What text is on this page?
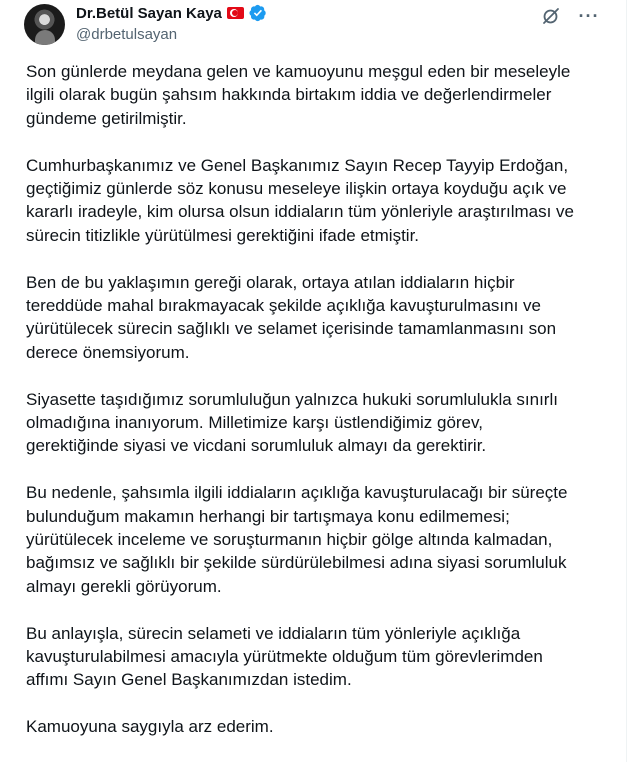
Dr.Betül Sayan Kaya
@drbetulsayan
···

Son günlerde meydana gelen ve kamuoyunu meşgul eden bir meseleyle
ilgili olarak bugün şahsım hakkında birtakım iddia ve değerlendirmeler
gündeme getirilmiştir.

Cumhurbaşkanımız ve Genel Başkanımız Sayın Recep Tayyip Erdoğan,
geçtiğimiz günlerde söz konusu meseleye ilişkin ortaya koyduğu açık ve
kararlı iradeyle, kim olursa olsun iddiaların tüm yönleriyle araştırılması ve
sürecin titizlikle yürütülmesi gerektiğini ifade etmiştir.

Ben de bu yaklaşımın gereği olarak, ortaya atılan iddiaların hiçbir
tereddüde mahal bırakmayacak şekilde açıklığa kavuşturulmasını ve
yürütülecek sürecin sağlıklı ve selamet içerisinde tamamlanmasını son
derece önemsiyorum.

Siyasette taşıdığımız sorumluluğun yalnızca hukuki sorumlulukla sınırlı
olmadığına inanıyorum. Milletimize karşı üstlendiğimiz görev,
gerektiğinde siyasi ve vicdani sorumluluk almayı da gerektirir.

Bu nedenle, şahsımla ilgili iddiaların açıklığa kavuşturulacağı bir süreçte
bulunduğum makamın herhangi bir tartışmaya konu edilmemesi;
yürütülecek inceleme ve soruşturmanın hiçbir gölge altında kalmadan,
bağımsız ve sağlıklı bir şekilde sürdürülebilmesi adına siyasi sorumluluk
almayı gerekli görüyorum.

Bu anlayışla, sürecin selameti ve iddiaların tüm yönleriyle açıklığa
kavuşturulabilmesi amacıyla yürütmekte olduğum tüm görevlerimden
affımı Sayın Genel Başkanımızdan istedim.

Kamuoyuna saygıyla arz ederim.
